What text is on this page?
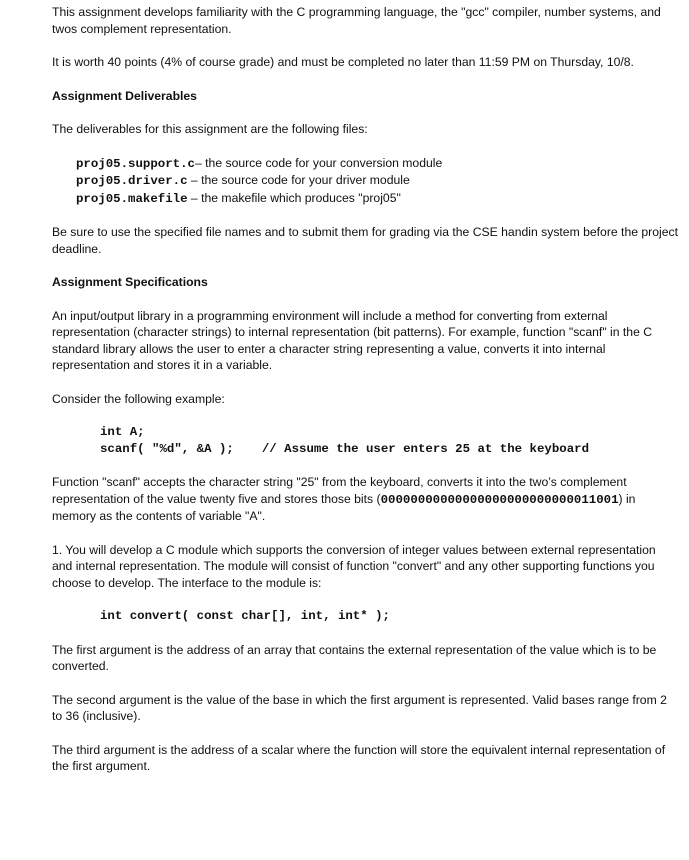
This assignment develops familiarity with the C programming language, the "gcc" compiler, number systems, and twos complement representation.

It is worth 40 points (4% of course grade) and must be completed no later than 11:59 PM on Thursday, 10/8.

Assignment Deliverables

The deliverables for this assignment are the following files:

proj05.support.c– the source code for your conversion module
proj05.driver.c – the source code for your driver module
proj05.makefile – the makefile which produces "proj05"

Be sure to use the specified file names and to submit them for grading via the CSE handin system before the project deadline.

Assignment Specifications

An input/output library in a programming environment will include a method for converting from external representation (character strings) to internal representation (bit patterns). For example, function "scanf" in the C standard library allows the user to enter a character string representing a value, converts it into internal representation and stores it in a variable.

Consider the following example:

int A;
scanf( "%d", &A ); // Assume the user enters 25 at the keyboard

Function "scanf" accepts the character string "25" from the keyboard, converts it into the two’s complement representation of the value twenty five and stores those bits (00000000000000000000000000011001) in memory as the contents of variable "A".

1. You will develop a C module which supports the conversion of integer values between external representation and internal representation. The module will consist of function "convert" and any other supporting functions you choose to develop. The interface to the module is:

int convert( const char[], int, int* );

The first argument is the address of an array that contains the external representation of the value which is to be converted.

The second argument is the value of the base in which the first argument is represented. Valid bases range from 2 to 36 (inclusive).

The third argument is the address of a scalar where the function will store the equivalent internal representation of the first argument.
